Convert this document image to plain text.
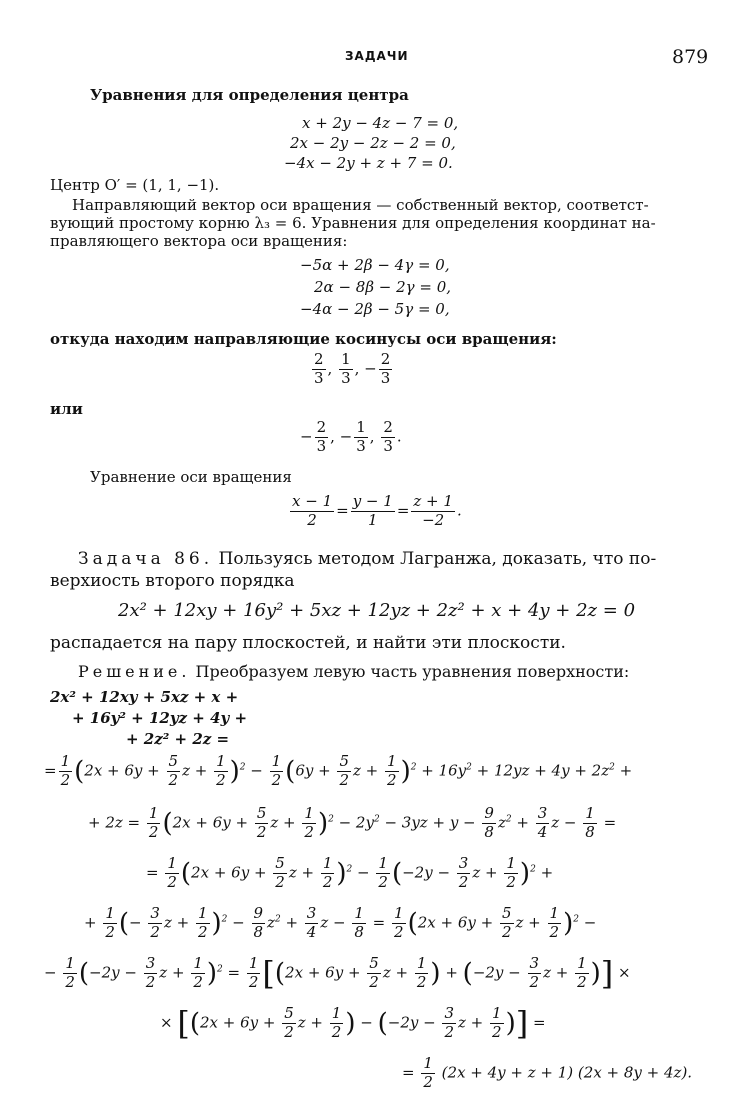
ЗАДАЧИ	879
Уравнения для определения центра
x + 2y − 4z − 7 = 0,
2x − 2y − 2z − 2 = 0,
−4x − 2y + z + 7 = 0.
Центр O′ = (1, 1, −1).
Направляющий вектор оси вращения — собственный вектор, соответст-
вующий простому корню λ₃ = 6. Уравнения для определения координат на-
правляющего вектора оси вращения:
−5α + 2β − 4γ = 0,
2α − 8β − 2γ = 0,
−4α − 2β − 5γ = 0,
откуда находим направляющие косинусы оси вращения:
$\frac{2}{3}$ , $\frac{1}{3}$ , − $\frac{2}{3}$
или
− $\frac{2}{3}$ , − $\frac{1}{3}$ , $\frac{2}{3}$ .
Уравнение оси вращения
$\frac{x - 1}{2} = \frac{y - 1}{1} = \frac{z + 1}{-2}$ .
Задача 86. Пользуясь методом Лагранжа, доказать, что по-
верхиость второго порядка
2x² + 12xy + 16y² + 5xz + 12yz + 2z² + x + 4y + 2z = 0
распадается на пару плоскостей, и найти эти плоскости.
Решение. Преобразуем левую часть уравнения поверхности:
2x² + 12xy + 5xz + x +
+ 16y² + 12yz + 4y +
+ 2z² + 2z =
= $\frac{1}{2} (2x + 6y + \frac{5}{2}$ $z + \frac{1}{2} )^2 - \frac{1}{2} (6y + \frac{5}{2}$ $z + \frac{1}{2} )^2 + 16y^2 + 12yz + 4y + 2z^2$ +
+ $2z = \frac{1}{2} (2x + 6y + \frac{5}{2}$ $z + \frac{1}{2} )^2 - 2y^2 - 3yz + y - \frac{9}{8} z^2 + \frac{3}{4}$ $z - \frac{1}{8}$ =
= $\frac{1}{2} (2x + 6y + \frac{5}{2}$ $z + \frac{1}{2} )^2 - \frac{1}{2} (-2y - \frac{3}{2}$ $z + \frac{1}{2} )^2$ +
+ $\frac{1}{2}$ (− $\frac{3}{2}$ $z + \frac{1}{2} )^2 - \frac{9}{8} z^2 + \frac{3}{4}$ $z - \frac{1}{8} = \frac{1}{2} (2x + 6y + \frac{5}{2}$ $z + \frac{1}{2} )^2$ −
− $\frac{1}{2} (-2y - \frac{3}{2}$ $z + \frac{1}{2} )^2 = \frac{1}{2} [(2x + 6y + \frac{5}{2}$ $z + \frac{1}{2}$ ) + ($-2y - \frac{3}{2}$ $z + \frac{1}{2}$ )] ×
× [($2x + 6y + \frac{5}{2}$ $z + \frac{1}{2}$ ) − ($-2y - \frac{3}{2}$ $z + \frac{1}{2}$ )] =
= $\frac{1}{2} (2x + 4y + z + 1) (2x + 8y + 4z)$.
